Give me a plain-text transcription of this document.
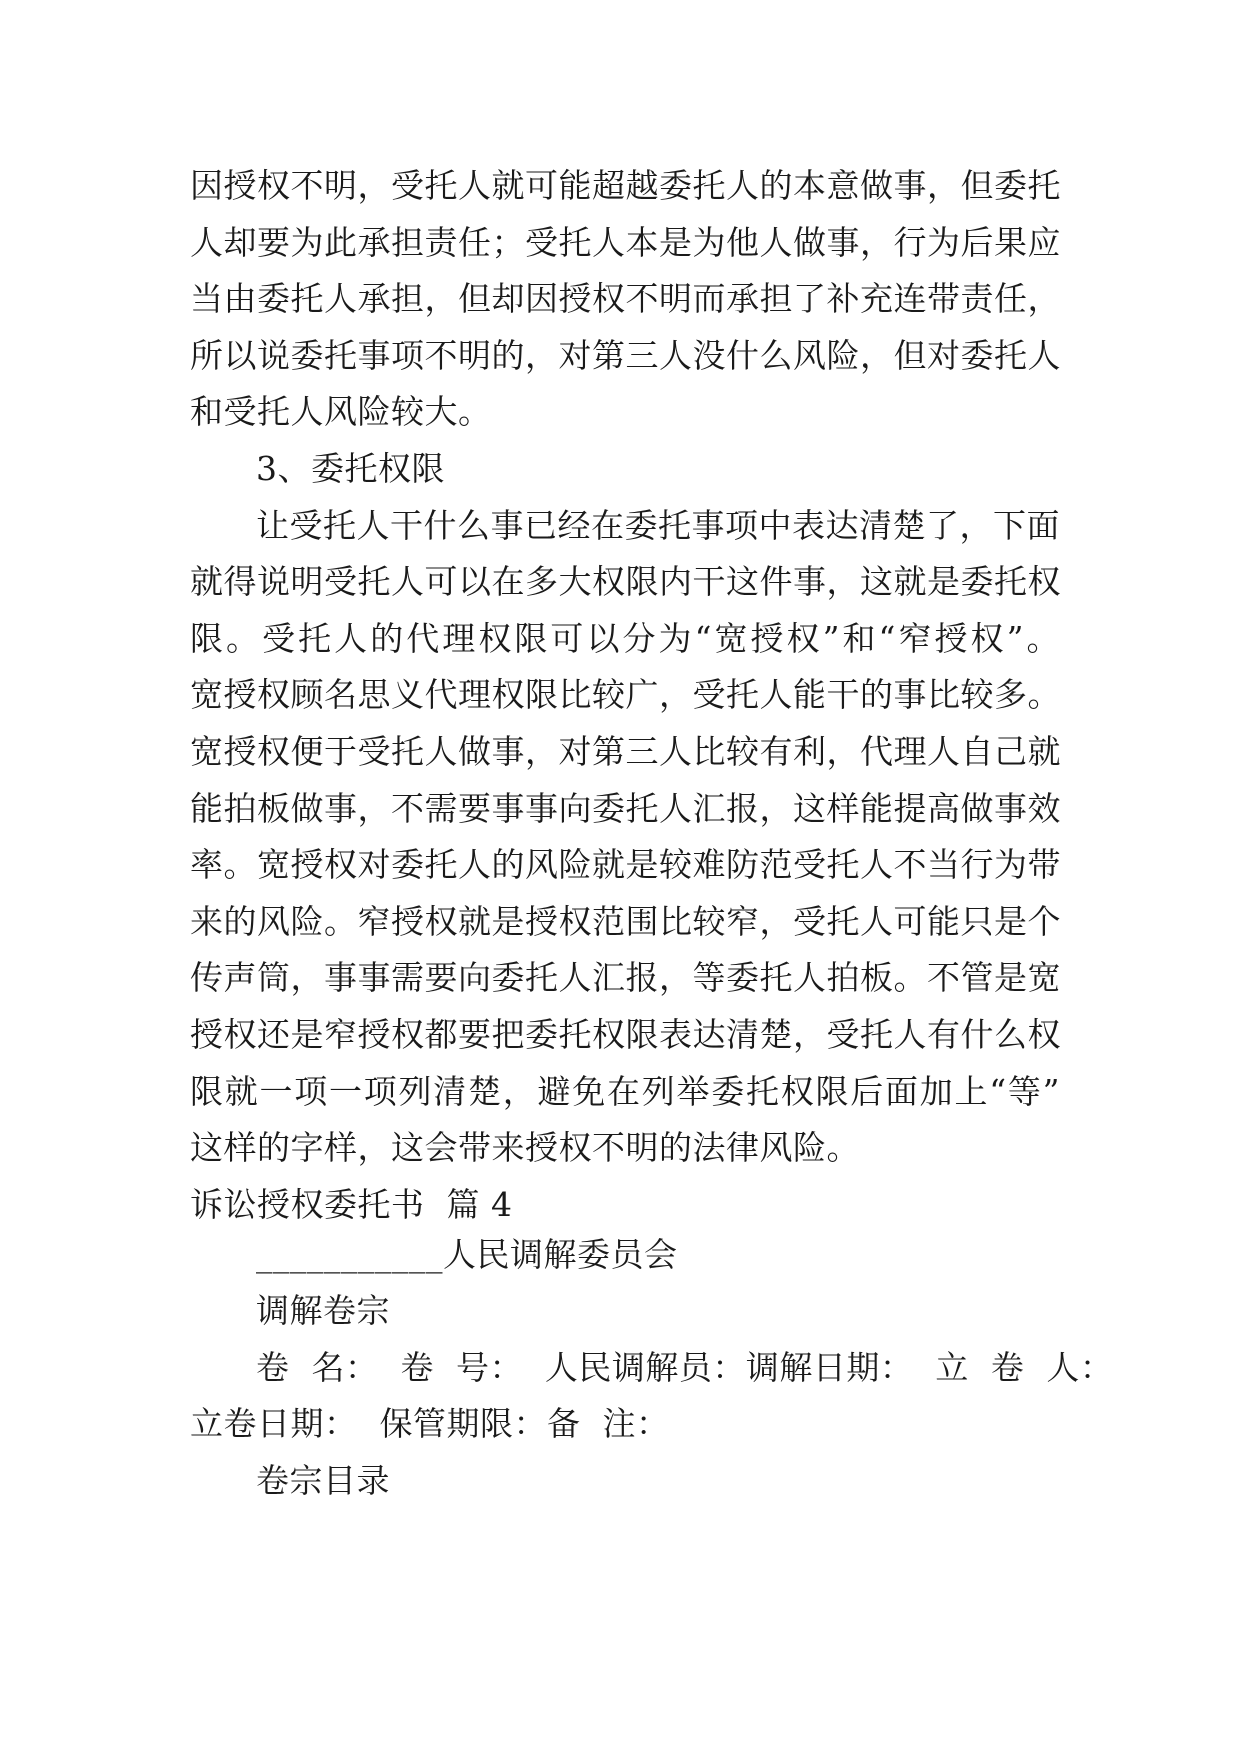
因授权不明，受托人就可能超越委托人的本意做事，但委托
人却要为此承担责任；受托人本是为他人做事，行为后果应
当由委托人承担，但却因授权不明而承担了补充连带责任，
所以说委托事项不明的，对第三人没什么风险，但对委托人
和受托人风险较大。
3、委托权限
让受托人干什么事已经在委托事项中表达清楚了，下面
就得说明受托人可以在多大权限内干这件事，这就是委托权
限。受托人的代理权限可以分为“宽授权”和“窄授权”。
宽授权顾名思义代理权限比较广，受托人能干的事比较多。
宽授权便于受托人做事，对第三人比较有利，代理人自己就
能拍板做事，不需要事事向委托人汇报，这样能提高做事效
率。宽授权对委托人的风险就是较难防范受托人不当行为带
来的风险。窄授权就是授权范围比较窄，受托人可能只是个
传声筒，事事需要向委托人汇报，等委托人拍板。不管是宽
授权还是窄授权都要把委托权限表达清楚，受托人有什么权
限就一项一项列清楚，避免在列举委托权限后面加上“等”
这样的字样，这会带来授权不明的法律风险。
诉讼授权委托书  篇 4
___________人民调解委员会
调解卷宗
卷  名：  卷  号：  人民调解员：调解日期：  立  卷  人：
立卷日期：  保管期限：备  注：
卷宗目录
